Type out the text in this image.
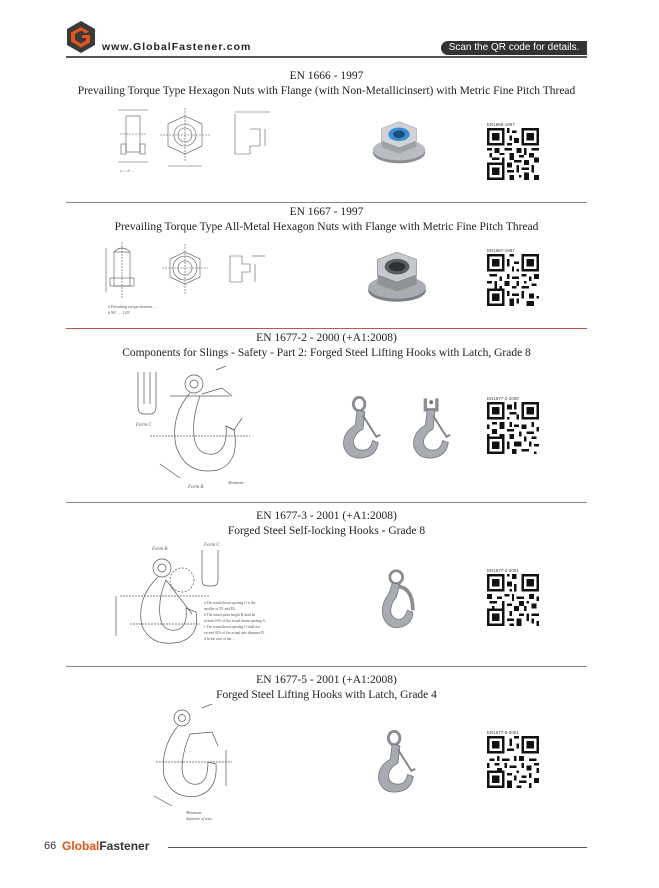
www.GlobalFastener.com	Scan the QR code for details.
EN 1666 - 1997
Prevailing Torque Type Hexagon Nuts with Flange (with Non-Metallicinsert) with Metric Fine Pitch Thread
s — d …
EN1666-1997
EN 1667 - 1997
Prevailing Torque Type All-Metal Hexagon Nuts with Flange with Metric Fine Pitch Thread
a Prevailing torque element…
b 90° … 120°
EN1667-1997
EN 1677-2 - 2000 (+A1:2008)
Components for Slings - Safety - Part 2: Forged Steel Lifting Hooks with Latch, Grade 8
Form C
Form B
Minimum
EN1677-2-2000
EN 1677-3 - 2001 (+A1:2008)
Forged Steel Self-locking Hooks - Grade 8
Form B
Form C
a The actual throat opening G is the
smaller of D1 and D2.
b The actual point height B shall be
at least 65% of the actual throat opening G
c The actual throat opening G shall not
exceed 91% of the actual axis diameter D.
d In the case of the…
EN1677-3-2001
EN 1677-5 - 2001 (+A1:2008)
Forged Steel Lifting Hooks with Latch, Grade 4
Minimum
diameter of axis
EN1677-5-2001
66 GlobalFastener
